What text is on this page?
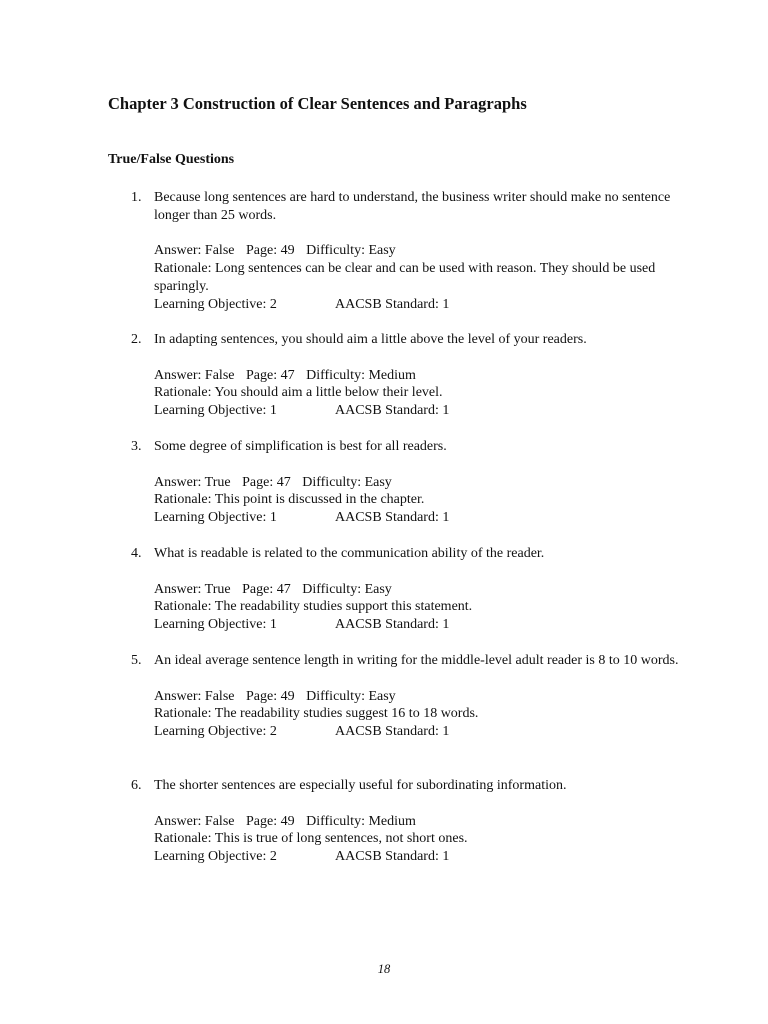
Chapter 3 Construction of Clear Sentences and Paragraphs
True/False Questions
1. Because long sentences are hard to understand, the business writer should make no sentence longer than 25 words.

Answer: False Page: 49 Difficulty: Easy

Rationale: Long sentences can be clear and can be used with reason. They should be used sparingly.

Learning Objective: 2	AACSB Standard: 1
2. In adapting sentences, you should aim a little above the level of your readers.

Answer: False Page: 47 Difficulty: Medium

Rationale: You should aim a little below their level.

Learning Objective: 1	AACSB Standard: 1
3. Some degree of simplification is best for all readers.

Answer: True Page: 47 Difficulty: Easy

Rationale: This point is discussed in the chapter.

Learning Objective: 1	AACSB Standard: 1
4. What is readable is related to the communication ability of the reader.

Answer: True Page: 47 Difficulty: Easy

Rationale: The readability studies support this statement.

Learning Objective: 1	AACSB Standard: 1
5. An ideal average sentence length in writing for the middle-level adult reader is 8 to 10 words.

Answer: False Page: 49 Difficulty: Easy

Rationale: The readability studies suggest 16 to 18 words.

Learning Objective: 2	AACSB Standard: 1
6. The shorter sentences are especially useful for subordinating information.

Answer: False Page: 49 Difficulty: Medium

Rationale: This is true of long sentences, not short ones.

Learning Objective: 2	AACSB Standard: 1

18
